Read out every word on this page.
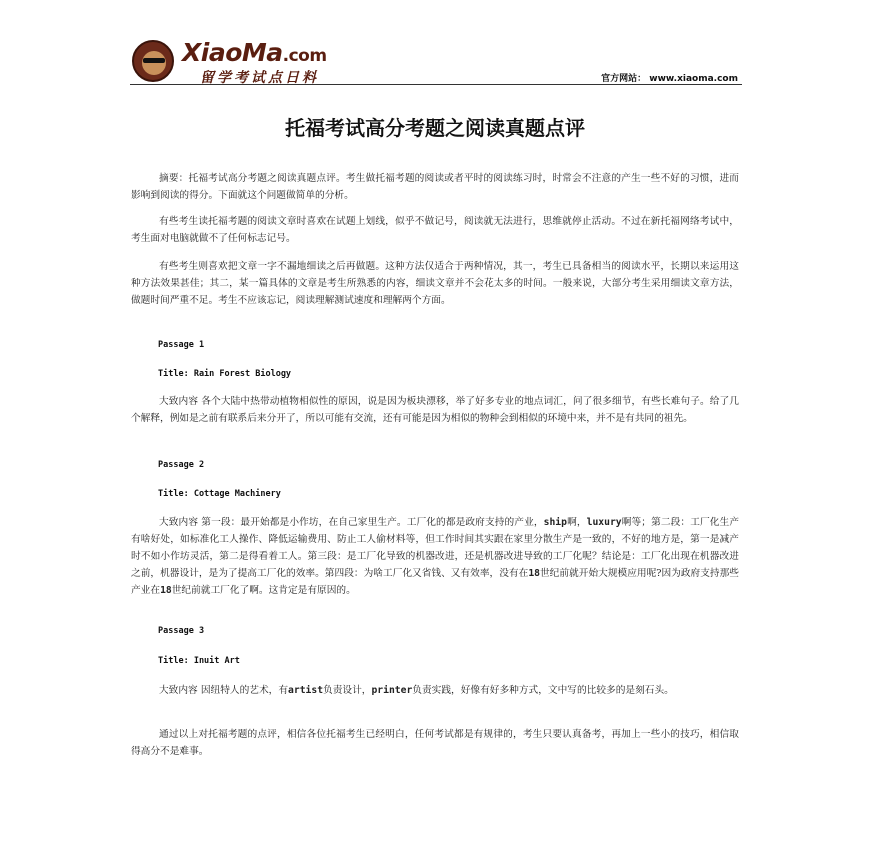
XiaoMa.com
留学考试点日料	官方网站： www.xiaoma.com
托福考试高分考题之阅读真题点评
摘要：托福考试高分考题之阅读真题点评。考生做托福考题的阅读或者平时的阅读练习时，时常会不注意的产生一些不好的习惯，进而影响到阅读的得分。下面就这个问题做简单的分析。
有些考生读托福考题的阅读文章时喜欢在试题上划线，似乎不做记号，阅读就无法进行，思维就停止活动。不过在新托福网络考试中，考生面对电脑就做不了任何标志记号。
有些考生则喜欢把文章一字不漏地细读之后再做题。这种方法仅适合于两种情况，其一，考生已具备相当的阅读水平，长期以来运用这种方法效果甚佳；其二，某一篇具体的文章是考生所熟悉的内容，细读文章并不会花太多的时间。一般来说，大部分考生采用细读文章方法，做题时间严重不足。考生不应该忘记，阅读理解测试速度和理解两个方面。
Passage 1
Title: Rain Forest Biology
大致内容 各个大陆中热带动植物相似性的原因，说是因为板块漂移，举了好多专业的地点词汇，问了很多细节，有些长难句子。给了几个解释，例如是之前有联系后来分开了，所以可能有交流，还有可能是因为相似的物种会到相似的环境中来，并不是有共同的祖先。
Passage 2
Title: Cottage Machinery
大致内容 第一段：最开始都是小作坊，在自己家里生产。工厂化的都是政府支持的产业，ship啊，luxury啊等；第二段：工厂化生产有啥好处，如标准化工人操作、降低运输费用、防止工人偷材料等，但工作时间其实跟在家里分散生产是一致的，不好的地方是，第一是减产时不如小作坊灵活，第二是得看着工人。第三段：是工厂化导致的机器改进，还是机器改进导致的工厂化呢？结论是：工厂化出现在机器改进之前，机器设计，是为了提高工厂化的效率。第四段：为啥工厂化又省钱、又有效率，没有在18世纪前就开始大规模应用呢?因为政府支持那些产业在18世纪前就工厂化了啊。这肯定是有原因的。
Passage 3
Title: Inuit Art
大致内容 因纽特人的艺术，有artist负责设计，printer负责实践，好像有好多种方式，文中写的比较多的是刻石头。
通过以上对托福考题的点评，相信各位托福考生已经明白，任何考试都是有规律的，考生只要认真备考，再加上一些小的技巧，相信取得高分不是难事。
